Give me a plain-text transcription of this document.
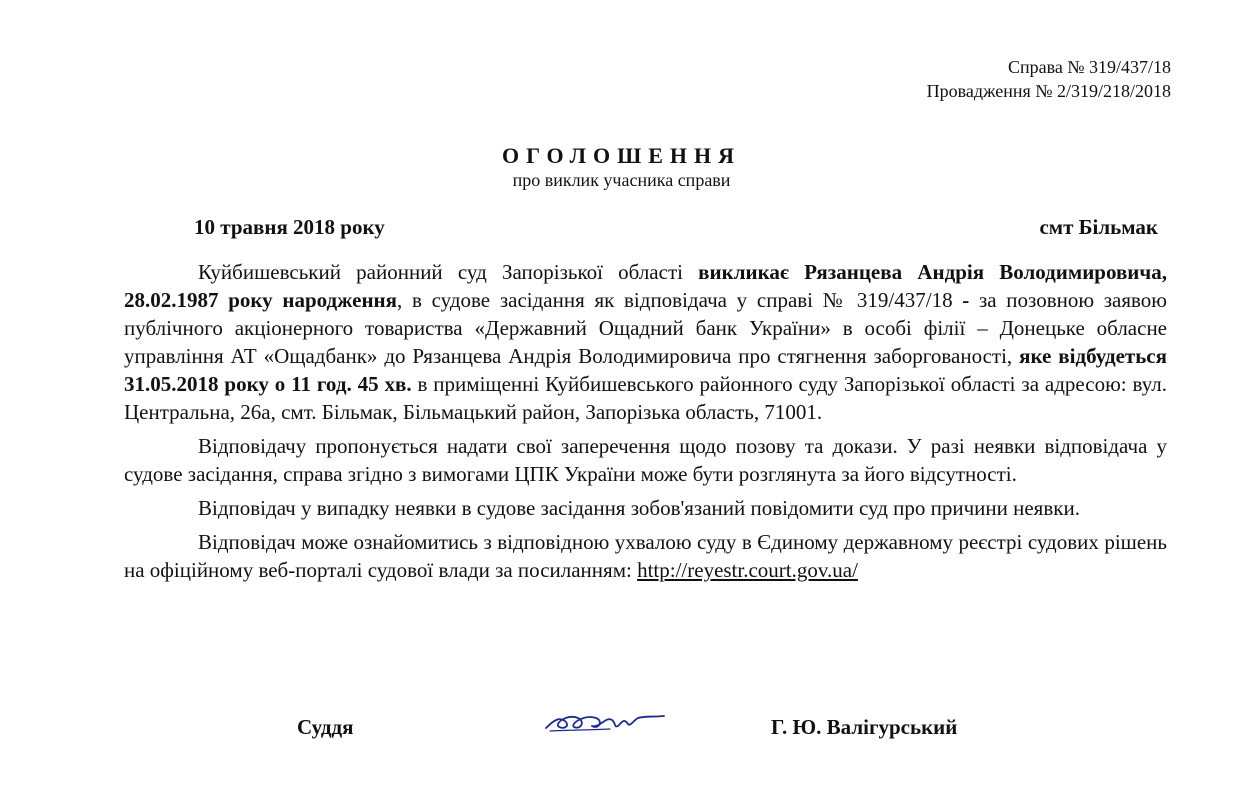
Справа № 319/437/18
Провадження № 2/319/218/2018
ОГОЛОШЕННЯ
про виклик учасника справи
10 травня 2018 року	смт Більмак

Куйбишевський районний суд Запорізької області викликає Рязанцева Андрія Володимировича, 28.02.1987 року народження, в судове засідання як відповідача у справі № 319/437/18 - за позовною заявою публічного акціонерного товариства «Державний Ощадний банк України» в особі філії – Донецьке обласне управління АТ «Ощадбанк» до Рязанцева Андрія Володимировича про стягнення заборгованості, яке відбудеться 31.05.2018 року о 11 год. 45 хв. в приміщенні Куйбишевського районного суду Запорізької області за адресою: вул. Центральна, 26а, смт. Більмак, Більмацький район, Запорізька область, 71001.

Відповідачу пропонується надати свої заперечення щодо позову та докази. У разі неявки відповідача у судове засідання, справа згідно з вимогами ЦПК України може бути розглянута за його відсутності.

Відповідач у випадку неявки в судове засідання зобов'язаний повідомити суд про причини неявки.

Відповідач може ознайомитись з відповідною ухвалою суду в Єдиному державному реєстрі судових рішень на офіційному веб-порталі судової влади за посиланням: http://reyestr.court.gov.ua/

Суддя	Г. Ю. Валігурський
